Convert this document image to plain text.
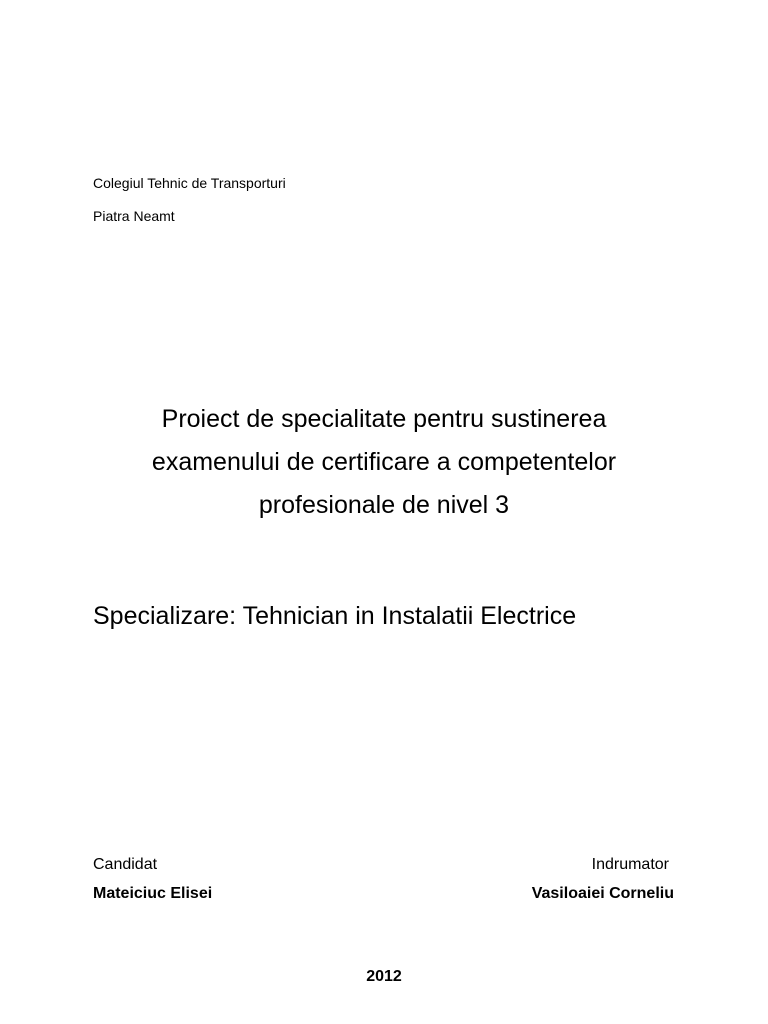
Colegiul Tehnic de Transporturi
Piatra Neamt
Proiect de specialitate pentru sustinerea
examenului de certificare a competentelor
profesionale de nivel 3
Specializare: Tehnician in Instalatii Electrice
Candidat
Mateiciuc Elisei
Indrumator
Vasiloaiei Corneliu
2012
